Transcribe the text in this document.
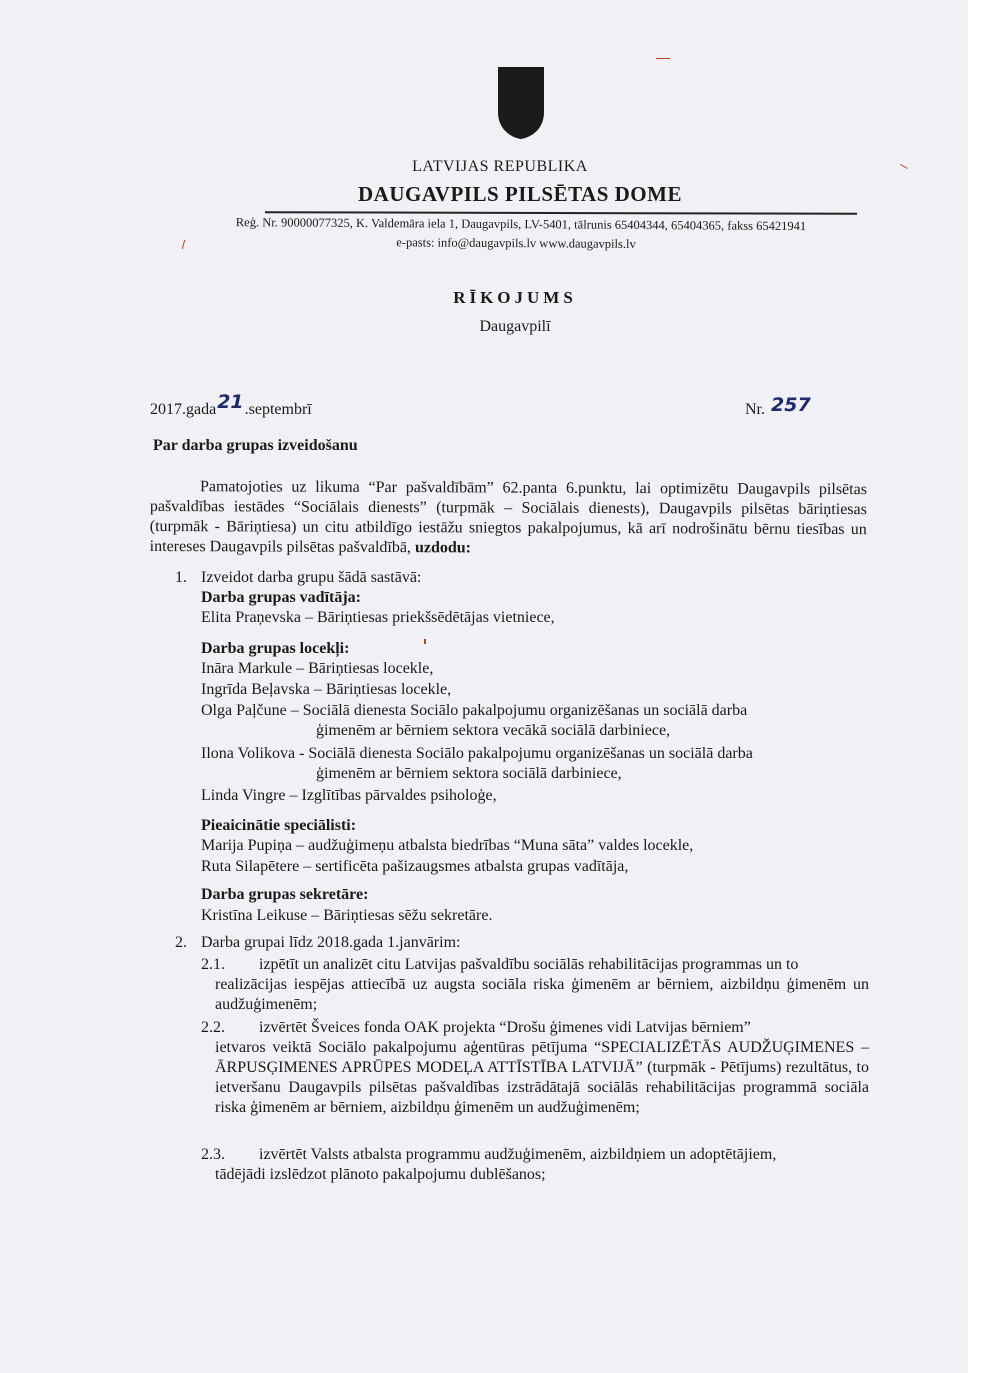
LATVIJAS REPUBLIKA
DAUGAVPILS PILSĒTAS DOME
Reģ. Nr. 90000077325, K. Valdemāra iela 1, Daugavpils, LV-5401, tālrunis 65404344, 65404365, fakss 65421941
e-pasts: info@daugavpils.lv www.daugavpils.lv
RĪKOJUMS
Daugavpilī
2017.gada21.septembrī	Nr. 257
Par darba grupas izveidošanu
Pamatojoties uz likuma “Par pašvaldībām” 62.panta 6.punktu, lai optimizētu Daugavpils pilsētas pašvaldības iestādes “Sociālais dienests” (turpmāk – Sociālais dienests), Daugavpils pilsētas bāriņtiesas (turpmāk - Bāriņtiesa) un citu atbildīgo iestāžu sniegtos pakalpojumus, kā arī nodrošinātu bērnu tiesības un intereses Daugavpils pilsētas pašvaldībā, uzdodu:
1. Izveidot darba grupu šādā sastāvā:
Darba grupas vadītāja:
Elita Praņevska – Bāriņtiesas priekšsēdētājas vietniece,
Darba grupas locekļi:
Ināra Markule – Bāriņtiesas locekle,
Ingrīda Beļavska – Bāriņtiesas locekle,
Olga Paļčune – Sociālā dienesta Sociālo pakalpojumu organizēšanas un sociālā darba
ģimenēm ar bērniem sektora vecākā sociālā darbiniece,
Ilona Volikova - Sociālā dienesta Sociālo pakalpojumu organizēšanas un sociālā darba
ģimenēm ar bērniem sektora sociālā darbiniece,
Linda Vingre – Izglītības pārvaldes psiholoģe,
Pieaicinātie speciālisti:
Marija Pupiņa – audžuģimeņu atbalsta biedrības “Muna sāta” valdes locekle,
Ruta Silapētere – sertificēta pašizaugsmes atbalsta grupas vadītāja,
Darba grupas sekretāre:
Kristīna Leikuse – Bāriņtiesas sēžu sekretāre.
2. Darba grupai līdz 2018.gada 1.janvārim:
2.1. izpētīt un analizēt citu Latvijas pašvaldību sociālās rehabilitācijas programmas un to
realizācijas iespējas attiecībā uz augsta sociāla riska ģimenēm ar bērniem, aizbildņu ģimenēm un audžuģimenēm;
2.2. izvērtēt Šveices fonda OAK projekta “Drošu ģimenes vidi Latvijas bērniem”
ietvaros veiktā Sociālo pakalpojumu aģentūras pētījuma “SPECIALIZĒTĀS AUDŽUĢIMENES – ĀRPUSĢIMENES APRŪPES MODEĻA ATTĪSTĪBA LATVIJĀ” (turpmāk - Pētījums) rezultātus, to ietveršanu Daugavpils pilsētas pašvaldības izstrādātajā sociālās rehabilitācijas programmā sociāla riska ģimenēm ar bērniem, aizbildņu ģimenēm un audžuģimenēm;
2.3. izvērtēt Valsts atbalsta programmu audžuģimenēm, aizbildņiem un adoptētājiem,
tādējādi izslēdzot plānoto pakalpojumu dublēšanos;
